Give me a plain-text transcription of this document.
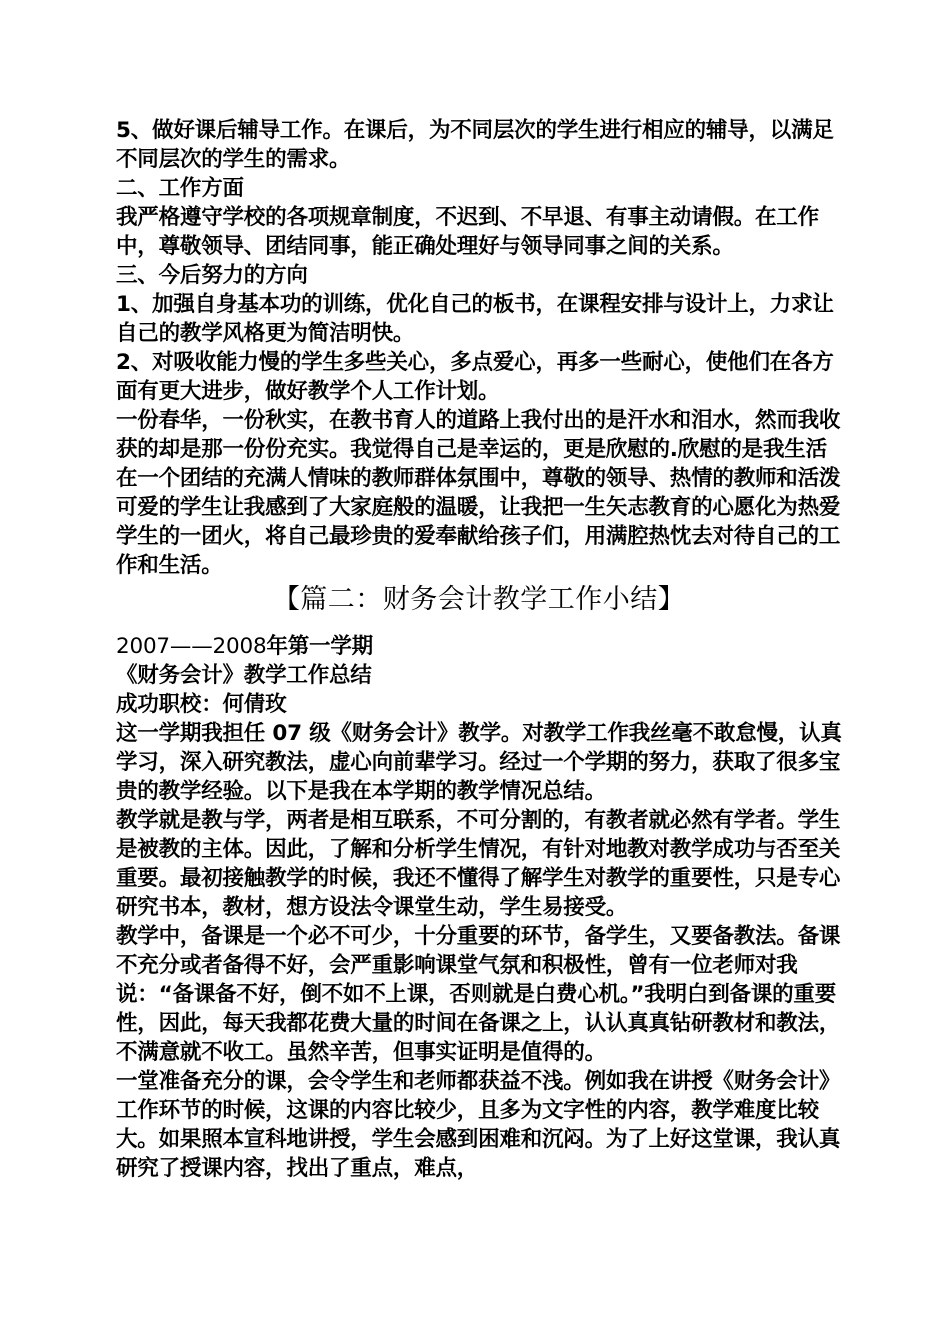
5、做好课后辅导工作。在课后，为不同层次的学生进行相应的辅导，以满足不同层次的学生的需求。

二、工作方面

我严格遵守学校的各项规章制度，不迟到、不早退、有事主动请假。在工作中，尊敬领导、团结同事，能正确处理好与领导同事之间的关系。

三、今后努力的方向

1、加强自身基本功的训练，优化自己的板书，在课程安排与设计上，力求让自己的教学风格更为简洁明快。

2、对吸收能力慢的学生多些关心，多点爱心，再多一些耐心，使他们在各方面有更大进步，做好教学个人工作计划。

一份春华，一份秋实，在教书育人的道路上我付出的是汗水和泪水，然而我收获的却是那一份份充实。我觉得自己是幸运的，更是欣慰的.欣慰的是我生活在一个团结的充满人情味的教师群体氛围中，尊敬的领导、热情的教师和活泼可爱的学生让我感到了大家庭般的温暖，让我把一生矢志教育的心愿化为热爱学生的一团火，将自己最珍贵的爱奉献给孩子们，用满腔热忱去对待自己的工作和生活。

【篇二：财务会计教学工作小结】

2007——2008年第一学期

《财务会计》教学工作总结

成功职校：何倩玫

这一学期我担任 07 级《财务会计》教学。对教学工作我丝毫不敢怠慢，认真学习，深入研究教法，虚心向前辈学习。经过一个学期的努力，获取了很多宝贵的教学经验。以下是我在本学期的教学情况总结。

教学就是教与学，两者是相互联系，不可分割的，有教者就必然有学者。学生是被教的主体。因此，了解和分析学生情况，有针对地教对教学成功与否至关重要。最初接触教学的时候，我还不懂得了解学生对教学的重要性，只是专心研究书本，教材，想方设法令课堂生动，学生易接受。

教学中，备课是一个必不可少，十分重要的环节，备学生，又要备教法。备课不充分或者备得不好，会严重影响课堂气氛和积极性，曾有一位老师对我说：“备课备不好，倒不如不上课，否则就是白费心机。”我明白到备课的重要性，因此，每天我都花费大量的时间在备课之上，认认真真钻研教材和教法，不满意就不收工。虽然辛苦，但事实证明是值得的。

一堂准备充分的课，会令学生和老师都获益不浅。例如我在讲授《财务会计》工作环节的时候，这课的内容比较少，且多为文字性的内容，教学难度比较大。如果照本宣科地讲授，学生会感到困难和沉闷。为了上好这堂课，我认真研究了授课内容，找出了重点，难点，
